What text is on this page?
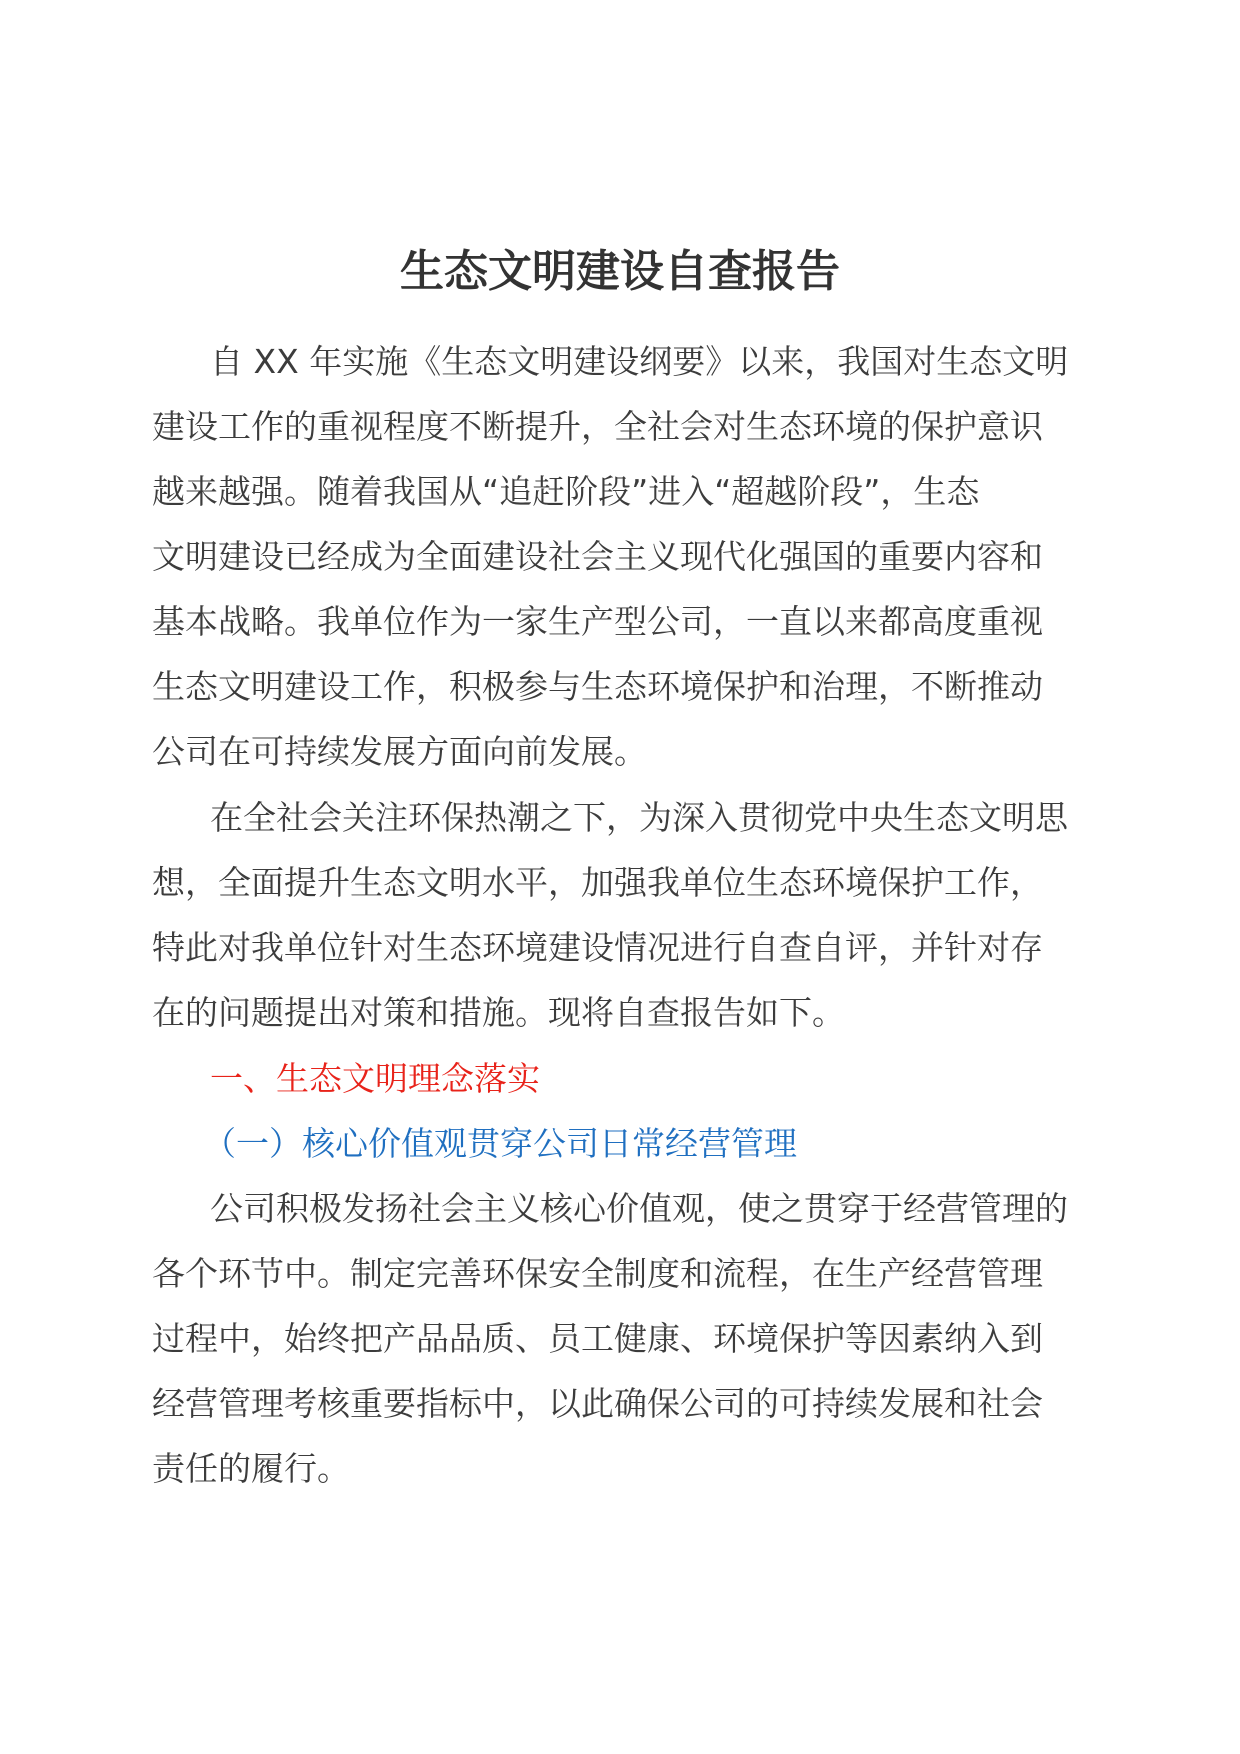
生态文明建设自查报告

自 XX 年实施《生态文明建设纲要》以来，我国对生态文明

建设工作的重视程度不断提升，全社会对生态环境的保护意识

越来越强。随着我国从“追赶阶段”进入“超越阶段”，生态

文明建设已经成为全面建设社会主义现代化强国的重要内容和

基本战略。我单位作为一家生产型公司，一直以来都高度重视

生态文明建设工作，积极参与生态环境保护和治理，不断推动

公司在可持续发展方面向前发展。

在全社会关注环保热潮之下，为深入贯彻党中央生态文明思

想，全面提升生态文明水平，加强我单位生态环境保护工作，

特此对我单位针对生态环境建设情况进行自查自评，并针对存

在的问题提出对策和措施。现将自查报告如下。

一、生态文明理念落实

（一）核心价值观贯穿公司日常经营管理

公司积极发扬社会主义核心价值观，使之贯穿于经营管理的

各个环节中。制定完善环保安全制度和流程，在生产经营管理

过程中，始终把产品品质、员工健康、环境保护等因素纳入到

经营管理考核重要指标中，以此确保公司的可持续发展和社会

责任的履行。
